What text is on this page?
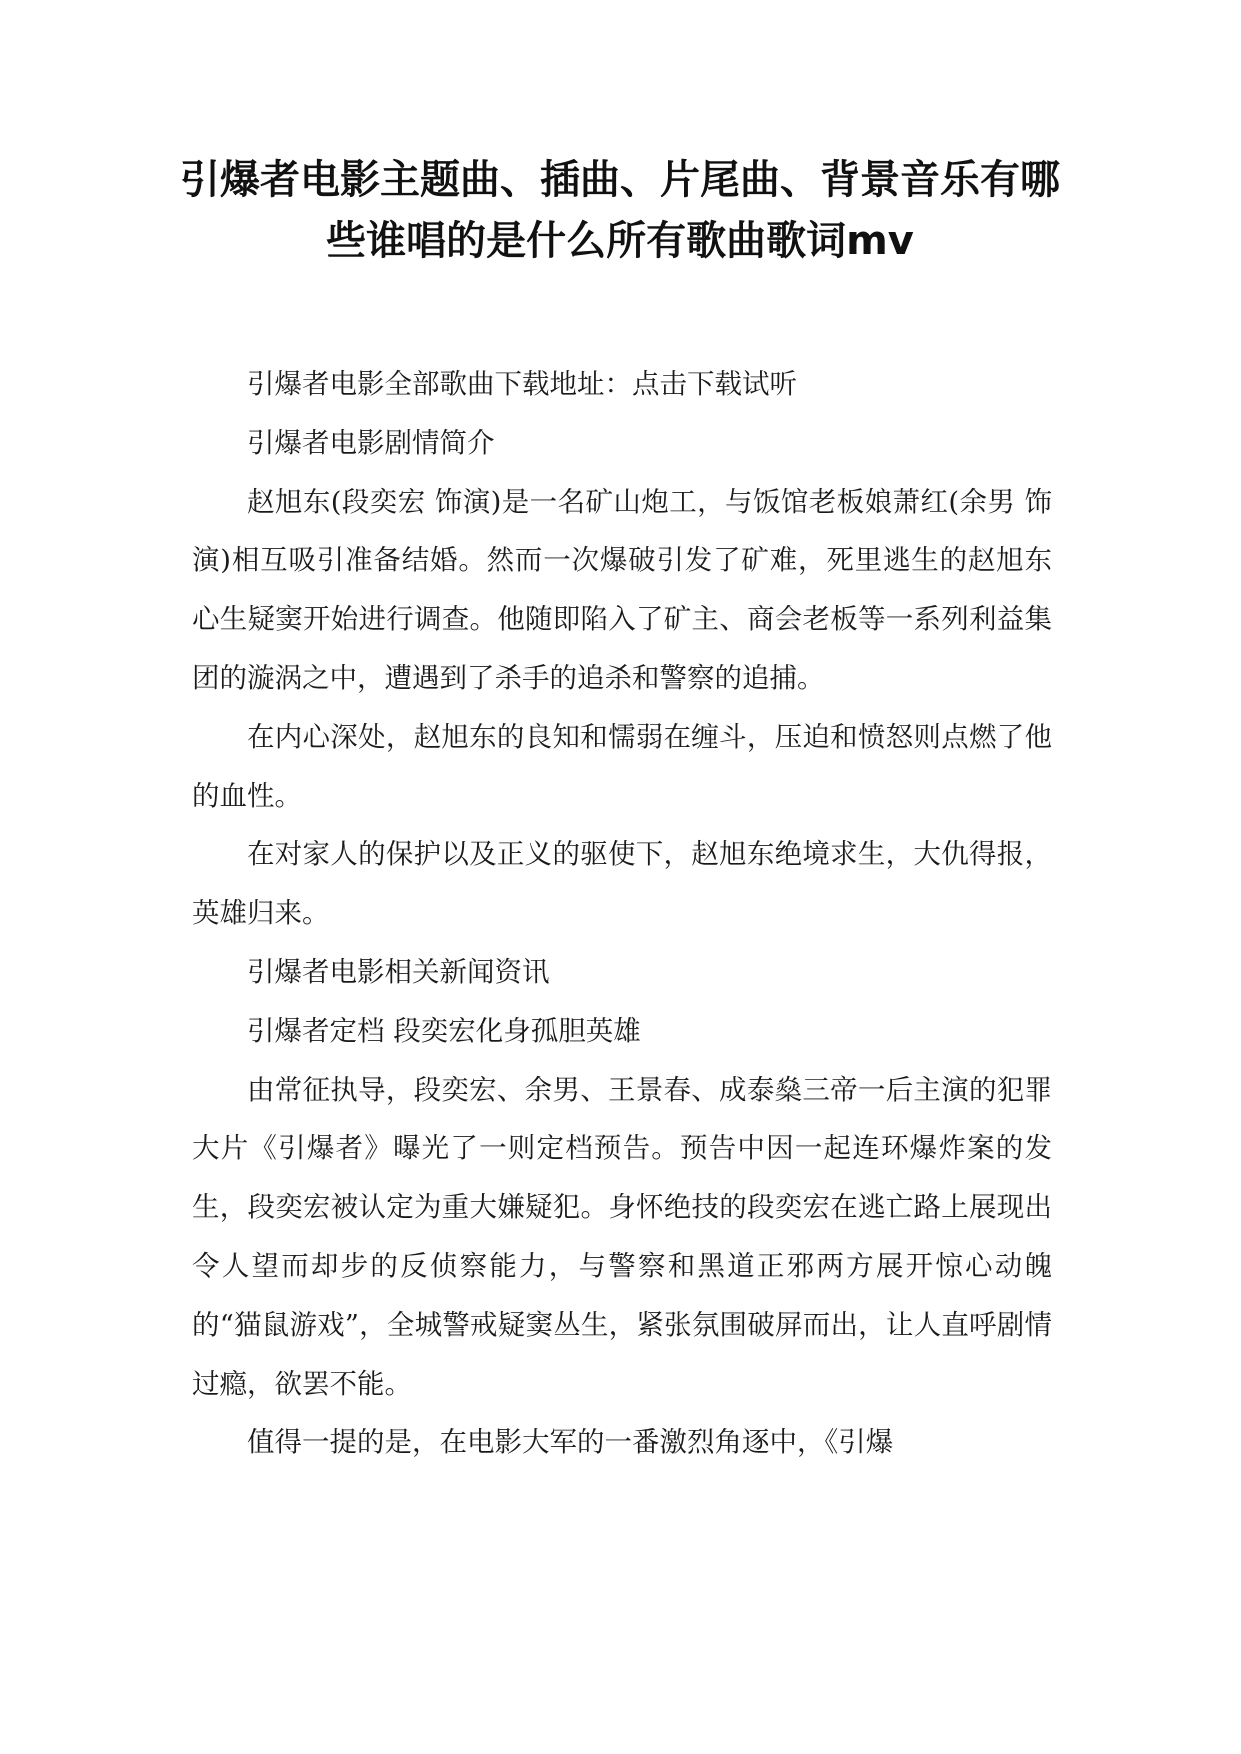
引爆者电影主题曲、插曲、片尾曲、背景音乐有哪些谁唱的是什么所有歌曲歌词mv

引爆者电影全部歌曲下载地址：点击下载试听

引爆者电影剧情简介

赵旭东(段奕宏 饰演)是一名矿山炮工，与饭馆老板娘萧红(余男 饰演)相互吸引准备结婚。然而一次爆破引发了矿难，死里逃生的赵旭东心生疑窦开始进行调查。他随即陷入了矿主、商会老板等一系列利益集团的漩涡之中，遭遇到了杀手的追杀和警察的追捕。

在内心深处，赵旭东的良知和懦弱在缠斗，压迫和愤怒则点燃了他的血性。

在对家人的保护以及正义的驱使下，赵旭东绝境求生，大仇得报，英雄归来。

引爆者电影相关新闻资讯

引爆者定档 段奕宏化身孤胆英雄

由常征执导，段奕宏、余男、王景春、成泰燊三帝一后主演的犯罪大片《引爆者》曝光了一则定档预告。预告中因一起连环爆炸案的发生，段奕宏被认定为重大嫌疑犯。身怀绝技的段奕宏在逃亡路上展现出令人望而却步的反侦察能力，与警察和黑道正邪两方展开惊心动魄的“猫鼠游戏”，全城警戒疑窦丛生，紧张氛围破屏而出，让人直呼剧情过瘾，欲罢不能。

值得一提的是，在电影大军的一番激烈角逐中，《引爆
